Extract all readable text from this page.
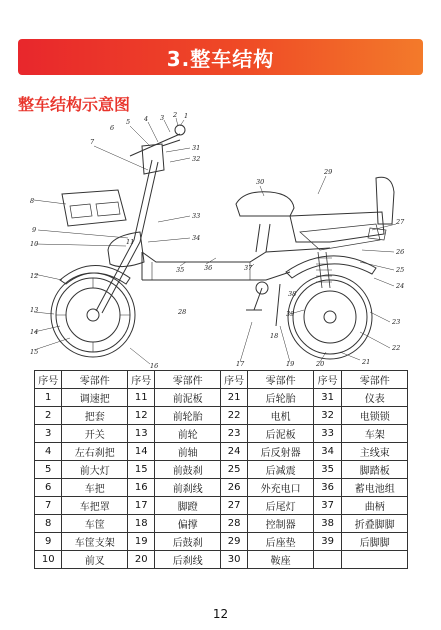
3.整车结构
整车结构示意图
5 4 3 2 1
6
7
31
32
8
33
9
34
10	11
12
13
14
15
16
35	36	37
30
29
27
26
25
24
23
22
21
20
19
17
18
39
38
28
序号	零部件	序号	零部件	序号	零部件	序号	零部件
1	调速把	11	前泥板	21	后轮胎	31	仪表
2	把套	12	前轮胎	22	电机	32	电锁锁
3	开关	13	前轮	23	后泥板	33	车架
4	左右刹把	14	前轴	24	后反射器	34	主线束
5	前大灯	15	前鼓刹	25	后减震	35	脚踏板
6	车把	16	前刹线	26	外充电口	36	蓄电池组
7	车把罩	17	脚蹬	27	后尾灯	37	曲柄
8	车筐	18	偏撑	28	控制器	38	折叠脚脚
9	车筐支架	19	后鼓刹	29	后座垫	39	后脚脚
10	前叉	20	后刹线	30	鞍座		
12
